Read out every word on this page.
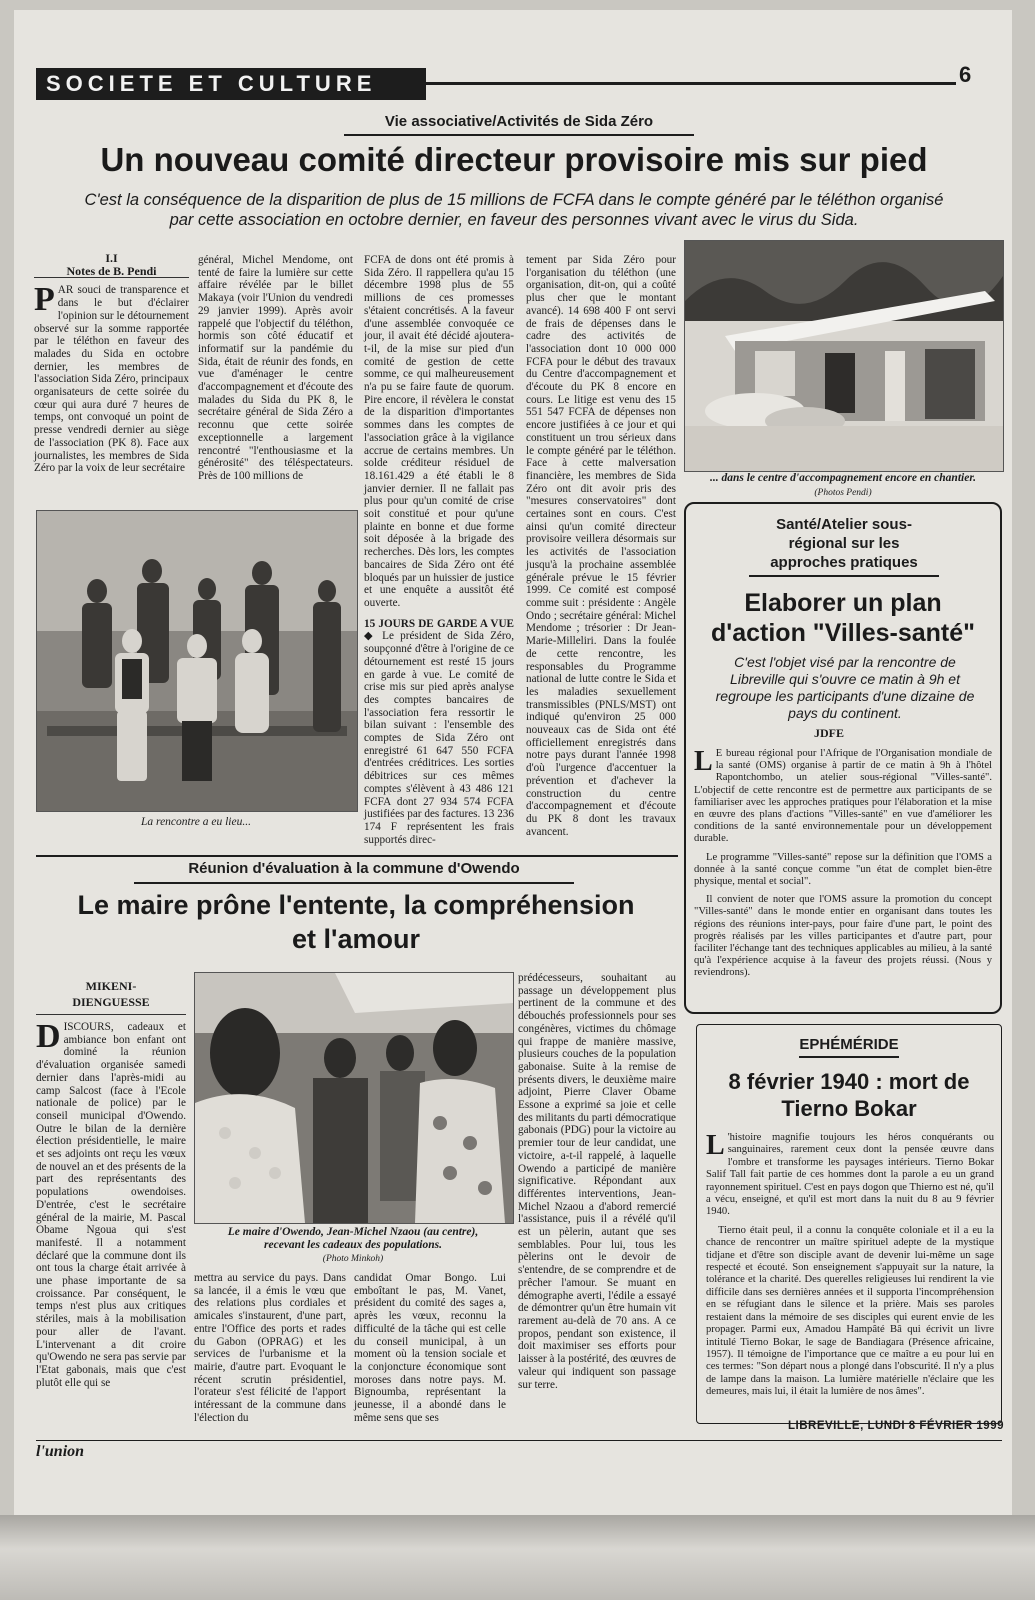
SOCIETE ET CULTURE	6
Vie associative/Activités de Sida Zéro
Un nouveau comité directeur provisoire mis sur pied
C'est la conséquence de la disparition de plus de 15 millions de FCFA dans le compte généré par le téléthon organisé
par cette association en octobre dernier, en faveur des personnes vivant avec le virus du Sida.
I.I
Notes de B. Pendi
P AR souci de transparence et dans le but d'éclairer l'opinion sur le détournement observé sur la somme rapportée par le téléthon en faveur des malades du Sida en octobre dernier, les membres de l'association Sida Zéro, principaux organisateurs de cette soirée du cœur qui aura duré 7 heures de temps, ont convoqué un point de presse vendredi dernier au siège de l'association (PK 8). Face aux journalistes, les membres de Sida Zéro par la voix de leur secrétaire
général, Michel Mendome, ont tenté de faire la lumière sur cette affaire révélée par le billet Makaya (voir l'Union du vendredi 29 janvier 1999). Après avoir rappelé que l'objectif du téléthon, hormis son côté éducatif et informatif sur la pandémie du Sida, était de réunir des fonds, en vue d'aménager le centre d'accompagnement et d'écoute des malades du Sida du PK 8, le secrétaire général de Sida Zéro a reconnu que cette soirée exceptionnelle a largement rencontré "l'enthousiasme et la générosité" des téléspectateurs. Près de 100 millions de
FCFA de dons ont été promis à Sida Zéro. Il rappellera qu'au 15 décembre 1998 plus de 55 millions de ces promesses s'étaient concrétisés. A la faveur d'une assemblée convoquée ce jour, il avait été décidé ajoutera-t-il, de la mise sur pied d'un comité de gestion de cette somme, ce qui malheureusement n'a pu se faire faute de quorum. Pire encore, il révèlera le constat de la disparition d'importantes sommes dans les comptes de l'association grâce à la vigilance accrue de certains membres. Un solde créditeur résiduel de 18.161.429 a été établi le 8 janvier dernier. Il ne fallait pas plus pour qu'un comité de crise soit constitué et pour qu'une plainte en bonne et due forme soit déposée à la brigade des recherches. Dès lors, les comptes bancaires de Sida Zéro ont été bloqués par un huissier de justice et une enquête a aussitôt été ouverte.
15 JOURS DE GARDE A VUE ◆ Le président de Sida Zéro, soupçonné d'être à l'origine de ce détournement est resté 15 jours en garde à vue. Le comité de crise mis sur pied après analyse des comptes bancaires de l'association fera ressortir le bilan suivant : l'ensemble des comptes de Sida Zéro ont enregistré 61 647 550 FCFA d'entrées créditrices. Les sorties débitrices sur ces mêmes comptes s'élèvent à 43 486 121 FCFA dont 27 934 574 FCFA justifiées par des factures. 13 236 174 F représentent les frais supportés direc-
tement par Sida Zéro pour l'organisation du téléthon (une organisation, dit-on, qui a coûté plus cher que le montant avancé). 14 698 400 F ont servi de frais de dépenses dans le cadre des activités de l'association dont 10 000 000 FCFA pour le début des travaux du Centre d'accompagnement et d'écoute du PK 8 encore en cours. Le litige est venu des 15 551 547 FCFA de dépenses non encore justifiées à ce jour et qui constituent un trou sérieux dans le compte généré par le téléthon. Face à cette malversation financière, les membres de Sida Zéro ont dit avoir pris des "mesures conservatoires" dont certaines sont en cours. C'est ainsi qu'un comité directeur provisoire veillera désormais sur les activités de l'association jusqu'à la prochaine assemblée générale prévue le 15 février 1999. Ce comité est composé comme suit : présidente : Angèle Ondo ; secrétaire général: Michel Mendome ; trésorier : Dr Jean-Marie-Milleliri. Dans la foulée de cette rencontre, les responsables du Programme national de lutte contre le Sida et les maladies sexuellement transmissibles (PNLS/MST) ont indiqué qu'environ 25 000 nouveaux cas de Sida ont été officiellement enregistrés dans notre pays durant l'année 1998 d'où l'urgence d'accentuer la prévention et d'achever la construction du centre d'accompagnement et d'écoute du PK 8 dont les travaux avancent.
La rencontre a eu lieu...
... dans le centre d'accompagnement encore en chantier.
(Photos Pendi)
Santé/Atelier sous-
régional sur les
approches pratiques
Elaborer un plan
d'action "Villes-santé"
C'est l'objet visé par la rencontre de Libreville qui s'ouvre ce matin à 9h et regroupe les participants d'une dizaine de pays du continent.
JDFE
L E bureau régional pour l'Afrique de l'Organisation mondiale de la santé (OMS) organise à partir de ce matin à 9h à l'hôtel Rapontchombo, un atelier sous-régional "Villes-santé". L'objectif de cette rencontre est de permettre aux participants de se familiariser avec les approches pratiques pour l'élaboration et la mise en œuvre des plans d'actions "Villes-santé" en vue d'améliorer les conditions de la santé environnementale pour un développement durable.
Le programme "Villes-santé" repose sur la définition que l'OMS a donnée à la santé conçue comme "un état de complet bien-être physique, mental et social".
Il convient de noter que l'OMS assure la promotion du concept "Villes-santé" dans le monde entier en organisant dans toutes les régions des réunions inter-pays, pour faire d'une part, le point des progrès réalisés par les villes participantes et d'autre part, pour faciliter l'échange tant des techniques applicables au milieu, à la santé qu'à l'expérience acquise à la faveur des projets réussi. (Nous y reviendrons).
Réunion d'évaluation à la commune d'Owendo
Le maire prône l'entente, la compréhension
et l'amour
Le maire d'Owendo, Jean-Michel Nzaou (au centre),
recevant les cadeaux des populations.
(Photo Minkoh)
MIKENI-
DIENGUESSE
D ISCOURS, cadeaux et ambiance bon enfant ont dominé la réunion d'évaluation organisée samedi dernier dans l'après-midi au camp Salcost (face à l'Ecole nationale de police) par le conseil municipal d'Owendo. Outre le bilan de la dernière élection présidentielle, le maire et ses adjoints ont reçu les vœux de nouvel an et des présents de la part des représentants des populations owendoises. D'entrée, c'est le secrétaire général de la mairie, M. Pascal Obame Ngoua qui s'est manifesté. Il a notamment déclaré que la commune dont ils ont tous la charge était arrivée à une phase importante de sa croissance. Par conséquent, le temps n'est plus aux critiques stériles, mais à la mobilisation pour aller de l'avant. L'intervenant a dit croire qu'Owendo ne sera pas servie par l'Etat gabonais, mais que c'est plutôt elle qui se
mettra au service du pays. Dans sa lancée, il a émis le vœu que des relations plus cordiales et amicales s'instaurent, d'une part, entre l'Office des ports et rades du Gabon (OPRAG) et les services de l'urbanisme et la mairie, d'autre part. Evoquant le récent scrutin présidentiel, l'orateur s'est félicité de l'apport intéressant de la commune dans l'élection du
candidat Omar Bongo. Lui emboîtant le pas, M. Vanet, président du comité des sages a, après les vœux, reconnu la difficulté de la tâche qui est celle du conseil municipal, à un moment où la tension sociale et la conjoncture économique sont moroses dans notre pays. M. Bignoumba, représentant la jeunesse, il a abondé dans le même sens que ses
prédécesseurs, souhaitant au passage un développement plus pertinent de la commune et des débouchés professionnels pour ses congénères, victimes du chômage qui frappe de manière massive, plusieurs couches de la population gabonaise. Suite à la remise de présents divers, le deuxième maire adjoint, Pierre Claver Obame Essone a exprimé sa joie et celle des militants du parti démocratique gabonais (PDG) pour la victoire au premier tour de leur candidat, une victoire, a-t-il rappelé, à laquelle Owendo a participé de manière significative. Répondant aux différentes interventions, Jean-Michel Nzaou a d'abord remercié l'assistance, puis il a révélé qu'il est un pèlerin, autant que ses semblables. Pour lui, tous les pèlerins ont le devoir de s'entendre, de se comprendre et de prêcher l'amour. Se muant en démographe averti, l'édile a essayé de démontrer qu'un être humain vit rarement au-delà de 70 ans. A ce propos, pendant son existence, il doit maximiser ses efforts pour laisser à la postérité, des œuvres de valeur qui indiquent son passage sur terre.
EPHÉMÉRIDE
8 février 1940 : mort de
Tierno Bokar
L 'histoire magnifie toujours les héros conquérants ou sanguinaires, rarement ceux dont la pensée œuvre dans l'ombre et transforme les paysages intérieurs. Tierno Bokar Salif Tall fait partie de ces hommes dont la parole a eu un grand rayonnement spirituel. C'est en pays dogon que Thierno est né, qu'il a vécu, enseigné, et qu'il est mort dans la nuit du 8 au 9 février 1940.
Tierno était peul, il a connu la conquête coloniale et il a eu la chance de rencontrer un maître spirituel adepte de la mystique tidjane et d'être son disciple avant de devenir lui-même un sage respecté et écouté. Son enseignement s'appuyait sur la nature, la tolérance et la charité. Des querelles religieuses lui rendirent la vie difficile dans ses dernières années et il supporta l'incompréhension en se réfugiant dans le silence et la prière. Mais ses paroles restaient dans la mémoire de ses disciples qui eurent envie de les propager. Parmi eux, Amadou Hampâté Bâ qui écrivit un livre intitulé Tierno Bokar, le sage de Bandiagara (Présence africaine, 1957). Il témoigne de l'importance que ce maître a eu pour lui en ces termes: "Son départ nous a plongé dans l'obscurité. Il n'y a plus de lampe dans la maison. La lumière matérielle n'éclaire que les demeures, mais lui, il était la lumière de nos âmes".
l'union
LIBREVILLE, LUNDI 8 FÉVRIER 1999
